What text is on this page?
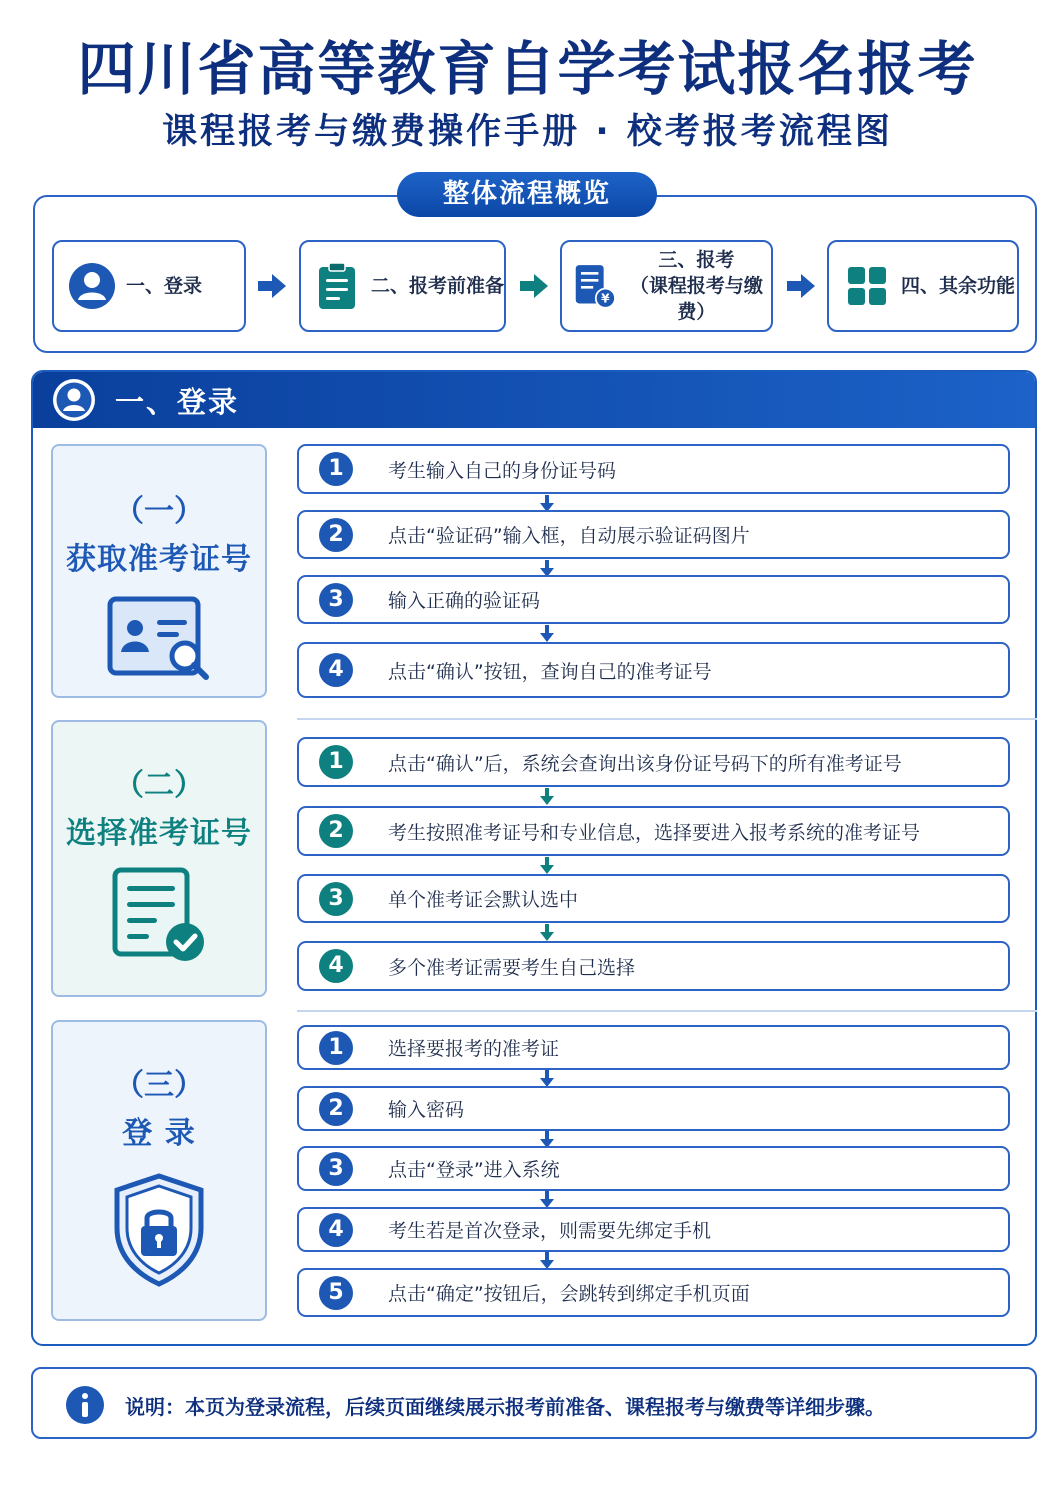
四川省高等教育自学考试报名报考
课程报考与缴费操作手册 · 校考报考流程图
整体流程概览
一、登录	二、报考前准备
¥
三、报考
（课程报考与缴费）
四、其余功能
一、登录
（一）
获取准考证号
1	考生输入自己的身份证号码
2	点击“验证码”输入框，自动展示验证码图片
3	输入正确的验证码
4	点击“确认”按钮，查询自己的准考证号
（二）
选择准考证号
1	点击“确认”后，系统会查询出该身份证号码下的所有准考证号
2	考生按照准考证号和专业信息，选择要进入报考系统的准考证号
3	单个准考证会默认选中
4	多个准考证需要考生自己选择
（三）
登 录
1	选择要报考的准考证
2	输入密码
3	点击“登录”进入系统
4	考生若是首次登录，则需要先绑定手机
5	点击“确定”按钮后，会跳转到绑定手机页面
说明：本页为登录流程，后续页面继续展示报考前准备、课程报考与缴费等详细步骤。
